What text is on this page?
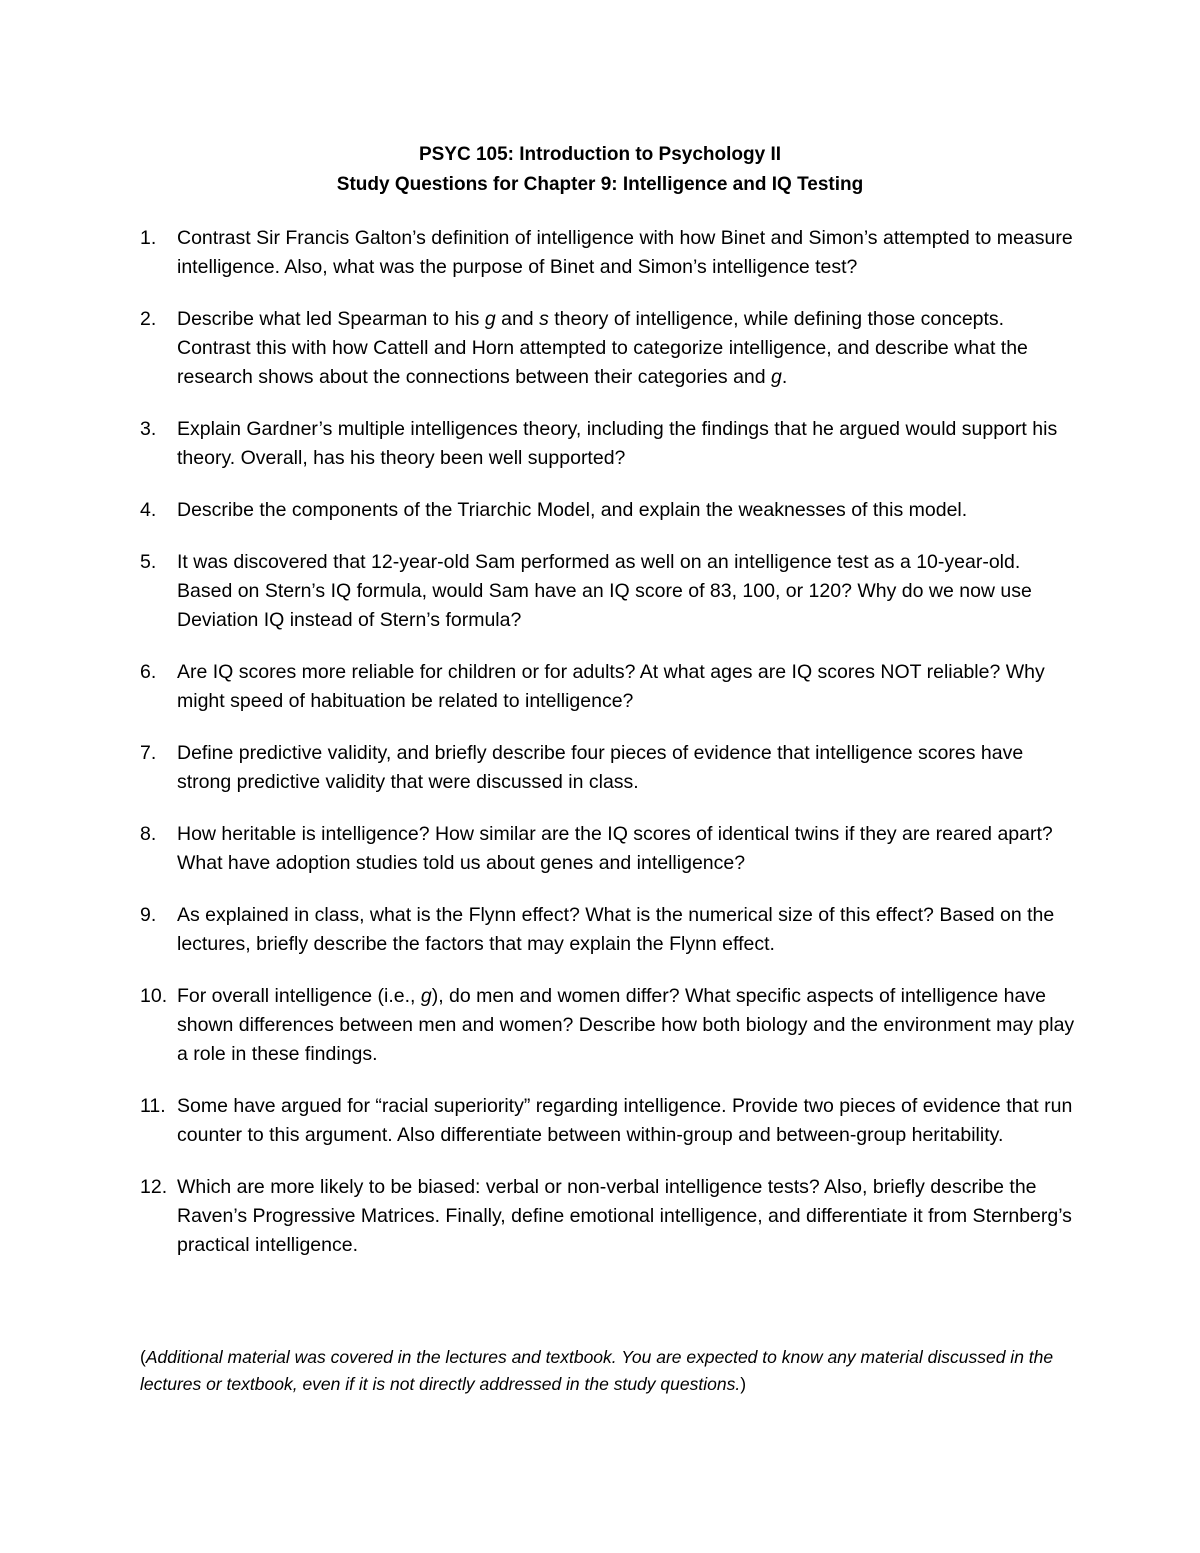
PSYC 105: Introduction to Psychology II
Study Questions for Chapter 9: Intelligence and IQ Testing
1.	Contrast Sir Francis Galton’s definition of intelligence with how Binet and Simon’s attempted to measure intelligence. Also, what was the purpose of Binet and Simon’s intelligence test?
2.	Describe what led Spearman to his g and s theory of intelligence, while defining those concepts. Contrast this with how Cattell and Horn attempted to categorize intelligence, and describe what the research shows about the connections between their categories and g.
3.	Explain Gardner’s multiple intelligences theory, including the findings that he argued would support his theory. Overall, has his theory been well supported?
4.	Describe the components of the Triarchic Model, and explain the weaknesses of this model.
5.	It was discovered that 12-year-old Sam performed as well on an intelligence test as a 10-year-old. Based on Stern’s IQ formula, would Sam have an IQ score of 83, 100, or 120? Why do we now use Deviation IQ instead of Stern’s formula?
6.	Are IQ scores more reliable for children or for adults? At what ages are IQ scores NOT reliable? Why might speed of habituation be related to intelligence?
7.	Define predictive validity, and briefly describe four pieces of evidence that intelligence scores have strong predictive validity that were discussed in class.
8.	How heritable is intelligence? How similar are the IQ scores of identical twins if they are reared apart? What have adoption studies told us about genes and intelligence?
9.	As explained in class, what is the Flynn effect? What is the numerical size of this effect? Based on the lectures, briefly describe the factors that may explain the Flynn effect.
10. For overall intelligence (i.e., g), do men and women differ? What specific aspects of intelligence have shown differences between men and women? Describe how both biology and the environment may play a role in these findings.
11. Some have argued for “racial superiority” regarding intelligence. Provide two pieces of evidence that run counter to this argument. Also differentiate between within-group and between-group heritability.
12. Which are more likely to be biased: verbal or non-verbal intelligence tests? Also, briefly describe the Raven’s Progressive Matrices. Finally, define emotional intelligence, and differentiate it from Sternberg’s practical intelligence.
(Additional material was covered in the lectures and textbook. You are expected to know any material discussed in the lectures or textbook, even if it is not directly addressed in the study questions.)
